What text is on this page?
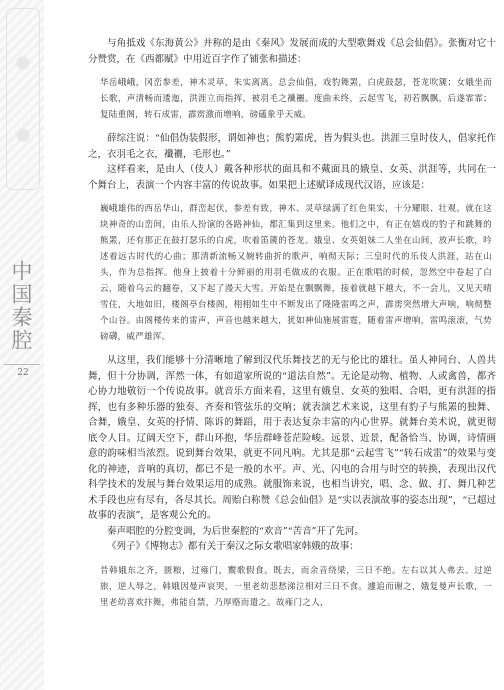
中国秦腔
22

与角抵戏《东海黄公》并称的是由《秦风》发展而成的大型歌舞戏《总会仙倡》。张衡对它十分赞赏，在《西都赋》中用近百字作了铺张和描述：

华岳峨峨，冈峦参差，神木灵草，朱实离离。总会仙倡，戏豹舞罴，白虎鼓瑟，苍龙吹篪；女娥坐而长歌，声清畅而逶迤，洪涯立而指挥，被羽毛之襳襹。度曲未终，云起雪飞，初若飘飘，后遂霏霏；复陆重阁，转石成雷，霹雳激而增响，磅礚象乎天威。

薛综注说：“仙倡伪装假形，谓如神也；熊豹罴虎，皆为假头也。洪涯三皇时伎人，倡家托作之，衣羽毛之衣，襳襹，毛形也。”

这样看来，是由人（伎人）戴各种形状的面具和不戴面具的娥皇、女英、洪涯等，共同在一个舞台上，表演一个内容丰富的传说故事。如果把上述赋译成现代汉语，应该是：

巍峨雄伟的西岳华山，群峦起伏，参差有致，神木、灵草绿满了红色果实，十分耀眼、壮观。就在这块神奇的山峦间，由乐人扮演的各路神仙，都汇集到这里来。他们之中，有正在嬉戏的豹子和跳舞的熊罴，还有那正在鼓打瑟乐的白虎，吹着笛篪的苍龙。娥皇、女英姐妹二人坐在山间，放声长歌，吟述着远古时代的心曲；那清新流畅又婉转曲折的歌声，响彻天际；三皇时代的乐伎人洪涯，站在山头，作为总指挥。他身上披着十分鲜丽的用羽毛做成的衣服。正在歌唱的时候，忽然空中卷起了白云，随着乌云的翻卷，又下起了漫天大雪。开始是在飘飘舞，接着就越下越大，不一会儿，又见天晴雪住，大地如旧，楼阁亭台楼阁，栩栩如生中不断发出了隆隆雷鸣之声，霹雳突然增大声响，响彻整个山谷。由阁楼传来的雷声，声音也越来越大，犹如神仙施展雷霆，随着雷声增响，雷鸣滚滚，气势磅礴，威严雄浑。

从这里，我们能够十分清晰地了解到汉代乐舞技艺的无与伦比的雄壮。虽人神同台、人兽共舞，但十分协调，浑然一体，有如道家所说的“道法自然”。无论是动物、植物、人或禽兽，都齐心协力地敬衍一个传说故事。就音乐方面来看，这里有娥皇、女英的独唱、合唱，更有洪涯的指挥，也有多种乐器的独奏、齐奏和管弦乐的交响；就表演艺术来说，这里有豹子与熊罴的独舞、合舞，娥皇、女英的抒情、陈诉的舞蹈，用于表达复杂丰富的内心世界。就舞台美术说，就更彻底令人目。辽阔天空下，群山环抱，华岳群峰苍茫险峻。远景、近景，配备恰当、协调，诗情画意的韵味相当浓烈。说到舞台效果，就更不同凡响。尤其是那“云起雪飞”“转石成雷”的效果与变化的神迹，音响的真切，都已不是一般的水平。声、光、闪电的合用与时空的转换，表现出汉代科学技术的发展与舞台效果运用的成熟。就服饰来说，也相当讲究，唱、念、做、打、舞几种艺术手段也应有尽有，各尽其长。周贻白称赞《总会仙倡》是“实以表演故事的姿态出现”，“已超过故事的表演”，是客观公允的。

秦声唱腔的分腔变调，为后世秦腔的“欢音”“苦音”开了先河。

《列子》《博物志》都有关于秦汉之际女歌唱家韩娥的故事：

昔韩娥东之齐，匮粮，过雍门，鬻歌假食。既去，而余音绕梁，三日不绝。左右以其人弗去。过逆旅，逆人辱之，韩娥因曼声哀哭，一里老幼悲愁涕泣相对三日不食。遽追而谢之，娥复曼声长歌，一里老幼喜欢抃舞，弗能自禁，乃厚赂而遣之。故雍门之人，
